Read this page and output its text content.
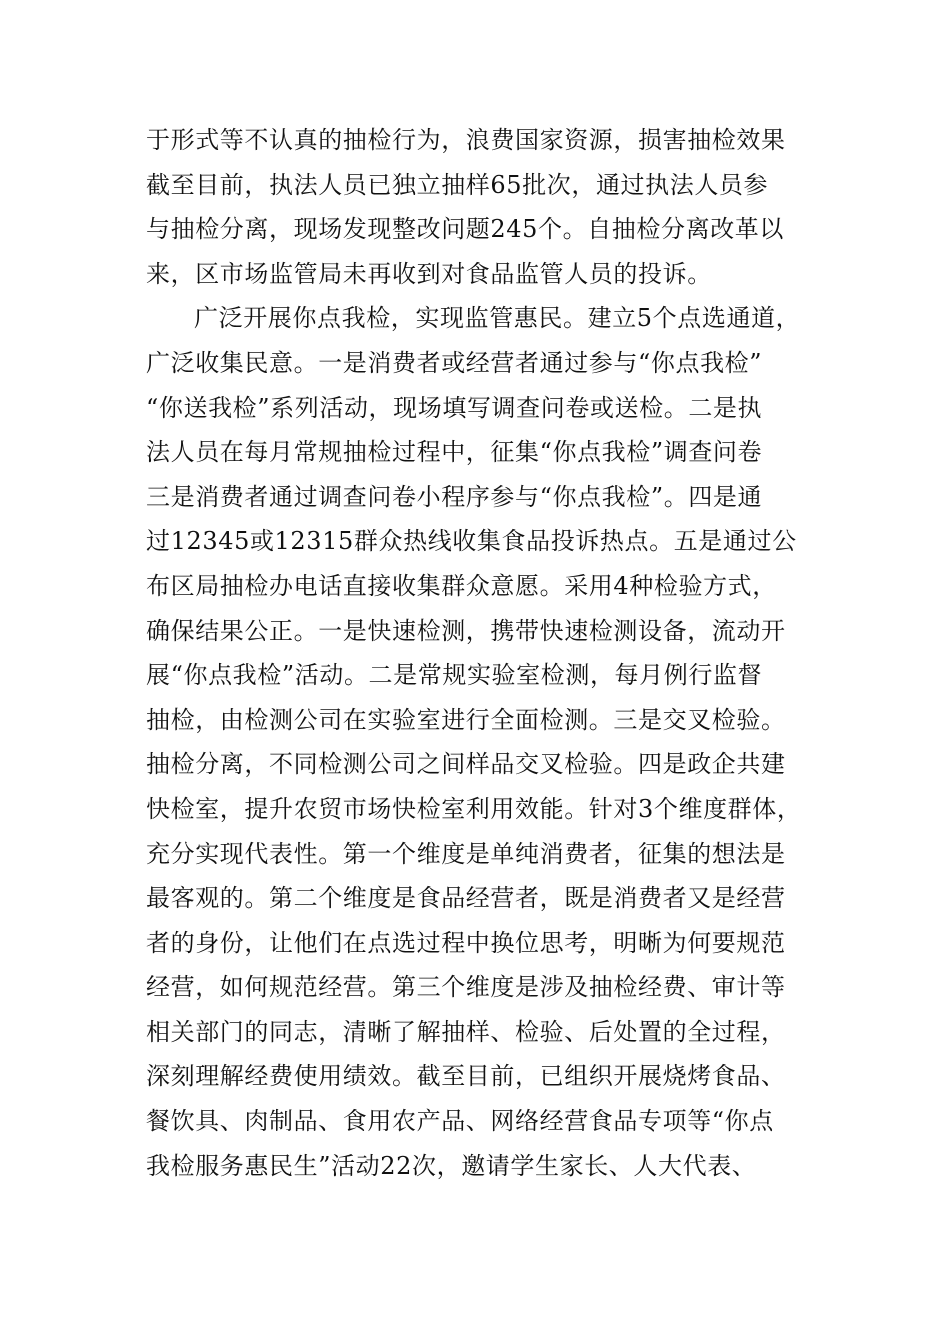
于形式等不认真的抽检行为，浪费国家资源，损害抽检效果
截至目前，执法人员已独立抽样65批次，通过执法人员参
与抽检分离，现场发现整改问题245个。自抽检分离改革以
来，区市场监管局未再收到对食品监管人员的投诉。
广泛开展你点我检，实现监管惠民。建立5个点选通道，
广泛收集民意。一是消费者或经营者通过参与“你点我检”
“你送我检”系列活动，现场填写调查问卷或送检。二是执
法人员在每月常规抽检过程中，征集“你点我检”调查问卷
三是消费者通过调查问卷小程序参与“你点我检”。四是通
过12345或12315群众热线收集食品投诉热点。五是通过公
布区局抽检办电话直接收集群众意愿。采用4种检验方式，
确保结果公正。一是快速检测，携带快速检测设备，流动开
展“你点我检”活动。二是常规实验室检测，每月例行监督
抽检，由检测公司在实验室进行全面检测。三是交叉检验。
抽检分离，不同检测公司之间样品交叉检验。四是政企共建
快检室，提升农贸市场快检室利用效能。针对3个维度群体，
充分实现代表性。第一个维度是单纯消费者，征集的想法是
最客观的。第二个维度是食品经营者，既是消费者又是经营
者的身份，让他们在点选过程中换位思考，明晰为何要规范
经营，如何规范经营。第三个维度是涉及抽检经费、审计等
相关部门的同志，清晰了解抽样、检验、后处置的全过程，
深刻理解经费使用绩效。截至目前，已组织开展烧烤食品、
餐饮具、肉制品、食用农产品、网络经营食品专项等“你点
我检服务惠民生”活动22次，邀请学生家长、人大代表、
